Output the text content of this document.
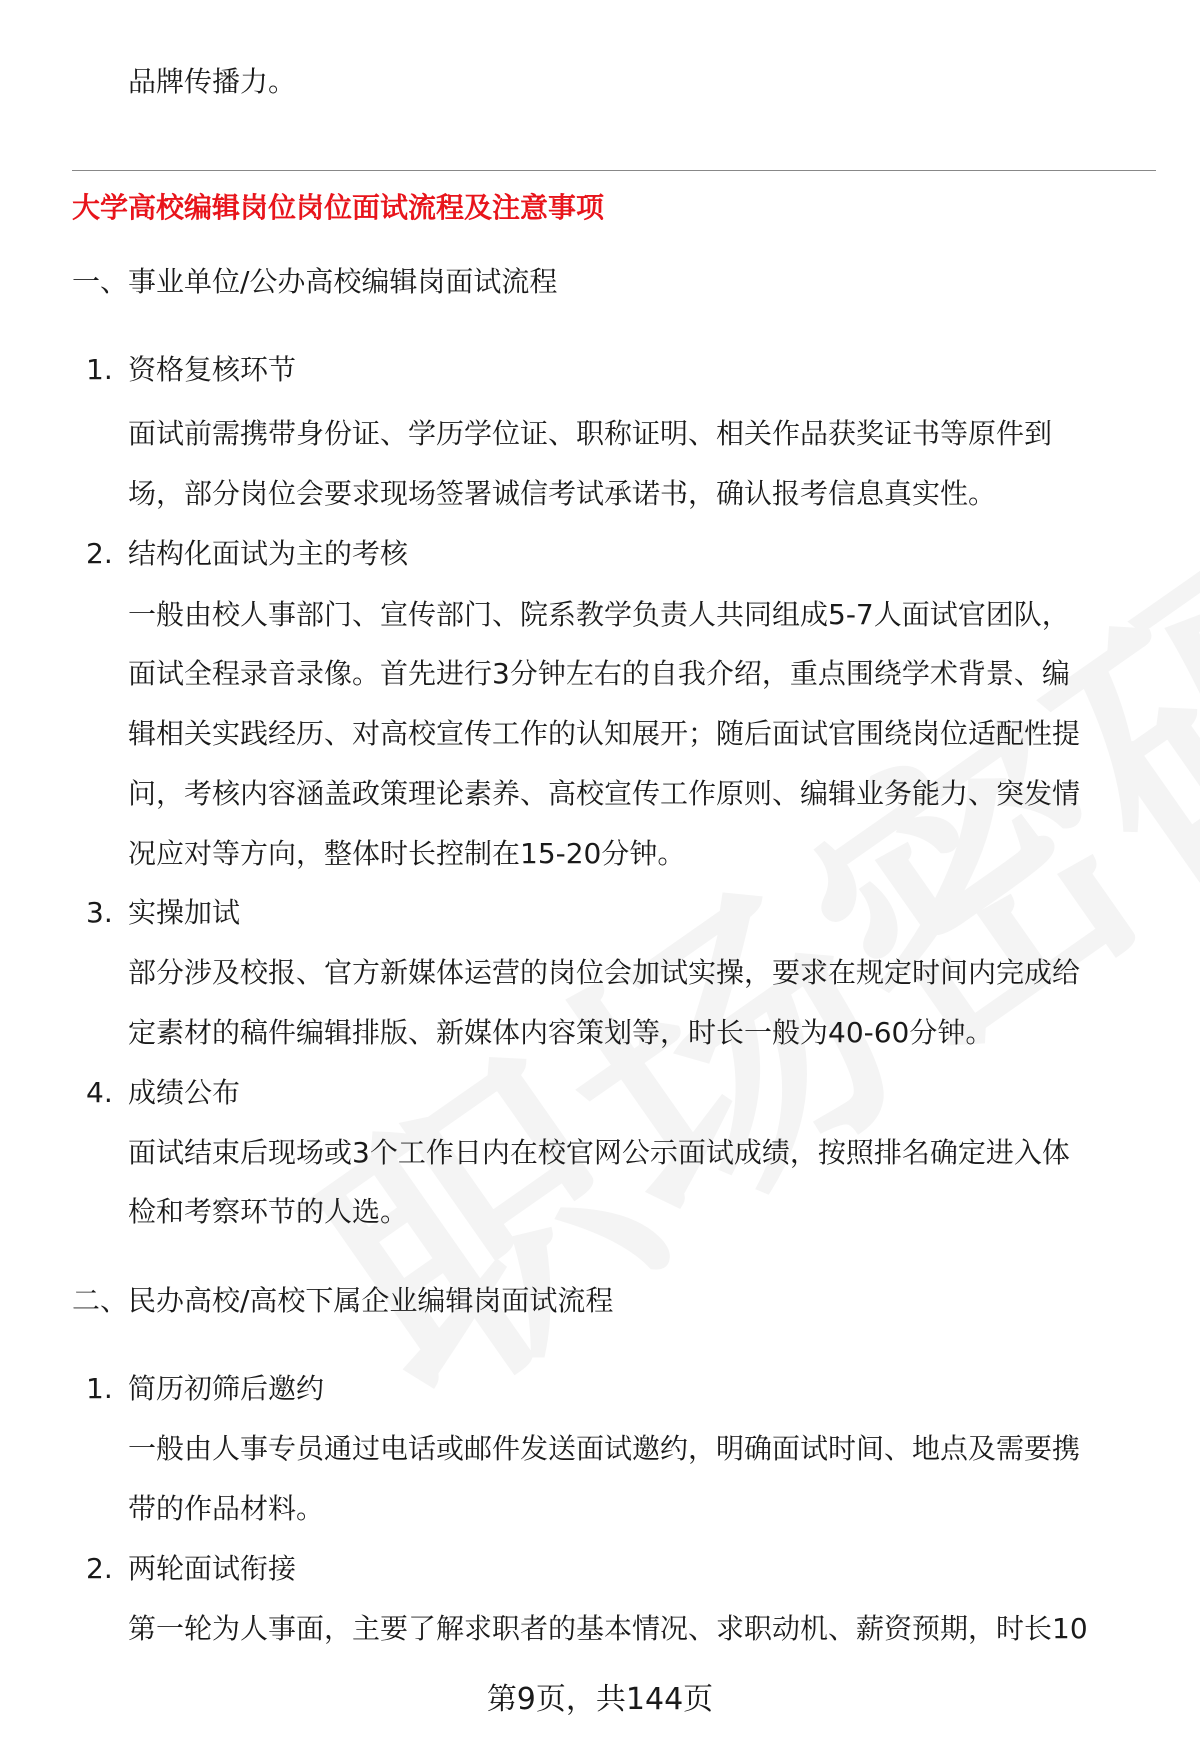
品牌传播力。
大学高校编辑岗位岗位面试流程及注意事项
一、事业单位/公办高校编辑岗面试流程
1. 资格复核环节
面试前需携带身份证、学历学位证、职称证明、相关作品获奖证书等原件到
场，部分岗位会要求现场签署诚信考试承诺书，确认报考信息真实性。
2. 结构化面试为主的考核
一般由校人事部门、宣传部门、院系教学负责人共同组成5-7人面试官团队，
面试全程录音录像。首先进行3分钟左右的自我介绍，重点围绕学术背景、编
辑相关实践经历、对高校宣传工作的认知展开；随后面试官围绕岗位适配性提
问，考核内容涵盖政策理论素养、高校宣传工作原则、编辑业务能力、突发情
况应对等方向，整体时长控制在15-20分钟。
3. 实操加试
部分涉及校报、官方新媒体运营的岗位会加试实操，要求在规定时间内完成给
定素材的稿件编辑排版、新媒体内容策划等，时长一般为40-60分钟。
4. 成绩公布
面试结束后现场或3个工作日内在校官网公示面试成绩，按照排名确定进入体
检和考察环节的人选。
二、民办高校/高校下属企业编辑岗面试流程
1. 简历初筛后邀约
一般由人事专员通过电话或邮件发送面试邀约，明确面试时间、地点及需要携
带的作品材料。
2. 两轮面试衔接
第一轮为人事面，主要了解求职者的基本情况、求职动机、薪资预期，时长10
第9页，共144页
